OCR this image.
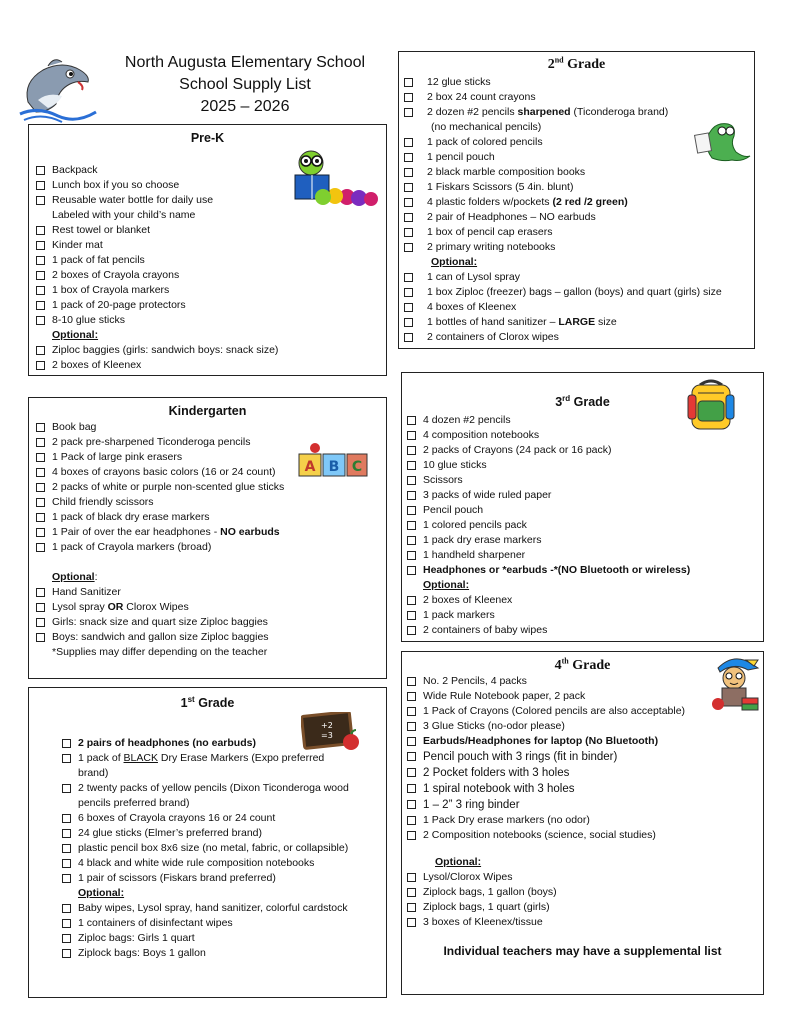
North Augusta Elementary School
School Supply List
2025 – 2026
Pre-K
Backpack
Lunch box if you so choose
Reusable water bottle for daily use
Labeled with your child’s name
Rest towel or blanket
Kinder mat
1 pack of fat pencils
2 boxes of Crayola crayons
1 box of Crayola markers
1 pack of 20-page protectors
8-10 glue sticks
Optional:
Ziploc baggies (girls: sandwich boys: snack size)
2 boxes of Kleenex
Kindergarten
Book bag
2 pack pre-sharpened Ticonderoga pencils
1 Pack of large pink erasers
4 boxes of crayons basic colors (16 or 24 count)
2 packs of white or purple non-scented glue sticks
Child friendly scissors
1 pack of black dry erase markers
1 Pair of over the ear headphones - NO earbuds
1 pack of Crayola markers (broad)
Optional:
Hand Sanitizer
Lysol spray OR Clorox Wipes
Girls: snack size and quart size Ziploc baggies
Boys: sandwich and gallon size Ziploc baggies
*Supplies may differ depending on the teacher
A B C
1st Grade
2 pairs of headphones (no earbuds)
1 pack of BLACK Dry Erase Markers (Expo preferred
brand)
2 twenty packs of yellow pencils (Dixon Ticonderoga wood
pencils preferred brand)
6 boxes of Crayola crayons 16 or 24 count
24 glue sticks (Elmer’s preferred brand)
plastic pencil box 8x6 size (no metal, fabric, or collapsible)
4 black and white wide rule composition notebooks
1 pair of scissors (Fiskars brand preferred)
Optional:
Baby wipes, Lysol spray, hand sanitizer, colorful cardstock
1 containers of disinfectant wipes
Ziploc bags: Girls 1 quart
Ziplock bags: Boys 1 gallon
+2
=3
2nd Grade
12 glue sticks
2 box 24 count crayons
2 dozen #2 pencils sharpened (Ticonderoga brand)
(no mechanical pencils)
1 pack of colored pencils
1 pencil pouch
2 black marble composition books
1 Fiskars Scissors (5 4in. blunt)
4 plastic folders w/pockets (2 red /2 green)
2 pair of Headphones – NO earbuds
1 box of pencil cap erasers
2 primary writing notebooks
Optional:
1 can of Lysol spray
1 box Ziploc (freezer) bags – gallon (boys) and quart (girls) size
4 boxes of Kleenex
1 bottles of hand sanitizer – LARGE size
2 containers of Clorox wipes
3rd Grade
4 dozen #2 pencils
4 composition notebooks
2 packs of Crayons (24 pack or 16 pack)
10 glue sticks
Scissors
3 packs of wide ruled paper
Pencil pouch
1 colored pencils pack
1 pack dry erase markers
1 handheld sharpener
Headphones or *earbuds -*(NO Bluetooth or wireless)
Optional:
2 boxes of Kleenex
1 pack markers
2 containers of baby wipes
4th Grade
No. 2 Pencils, 4 packs
Wide Rule Notebook paper, 2 pack
1 Pack of Crayons (Colored pencils are also acceptable)
3 Glue Sticks (no-odor please)
Earbuds/Headphones for laptop (No Bluetooth)
Pencil pouch with 3 rings (fit in binder)
2 Pocket folders with 3 holes
1 spiral notebook with 3 holes
1 – 2” 3 ring binder
1 Pack Dry erase markers (no odor)
2 Composition notebooks (science, social studies)
Optional:
Lysol/Clorox Wipes
Ziplock bags, 1 gallon (boys)
Ziplock bags, 1 quart (girls)
3 boxes of Kleenex/tissue
Individual teachers may have a supplemental list
